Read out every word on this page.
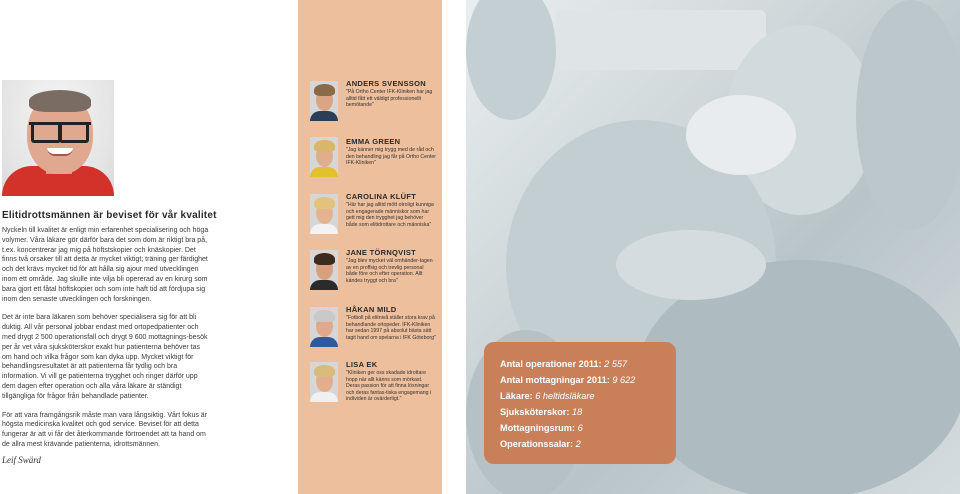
Elitidrottsmännen är beviset för vår kvalitet

Nyckeln till kvalitet är enligt min erfarenhet specialisering och höga volymer. Våra läkare gör därför bara det som dom är riktigt bra på, t.ex. koncentrerar jag mig på höftstskopier och knäskopier. Det finns två orsaker till att detta är mycket viktigt; träning ger färdighet och det krävs mycket tid för att hålla sig ajour med utvecklingen inom ett område. Jag skulle inte vilja bli opererad av en kirurg som bara gjort ett fåtal höftskopier och som inte haft tid att fördjupa sig inom den senaste utvecklingen och forskningen.

Det är inte bara läkaren som behöver specialisera sig för att bli duktig. All vår personal jobbar endast med ortopedpatienter och med drygt 2 500 operationsfall och drygt 9 600 mottagnings-besök per år vet våra sjuksköterskor exakt hur patienterna behöver tas om hand och vilka frågor som kan dyka upp. Mycket viktigt för behandlingsresultatet är att patienterna får tydlig och bra information. Vi vill ge patienterna trygghet och ringer därför upp dem dagen efter operation och alla våra läkare är ständigt tillgängliga för frågor från behandlade patienter.

För att vara framgångsrik måste man vara långsiktig. Vårt fokus är högsta medicinska kvalitet och god service. Beviset för att detta fungerar är att vi får det återkommande förtroendet att ta hand om de allra mest krävande patienterna, idrottsmännen.

Leif Swärd
ANDERS SVENSSON
"På Ortho Center IFK-Kliniken har jag alltid fått ett väldigt professionellt bemötande"
EMMA GREEN
"Jag känner mig trygg med de råd och den behandling jag får på Ortho Center IFK-Kliniken"
CAROLINA KLÜFT
"Här har jag alltid mött otroligt kunniga och engagerade människor som har gett mig den trygghet jag behöver både som elitidrottare och människa"
JANE TÖRNQVIST
"Jag blev mycket väl omhänder-tagen av en proffsig och trevlig personal både före och efter operation. Allt kändes tryggt och bra"
HÅKAN MILD
"Fotboll på elitnivå ställer stora krav på behandlande ortopeder. IFK-Kliniken har sedan 1997 på absolut bästa sätt tagit hand om spelarna i IFK Göteborg"
LISA EK
"Kliniken ger oss skadade idrottare hopp när allt känns som mörkast. Deras passion för att finna lösningar och deras fantas-tiska engagemang i individen är ovärderligt."
Antal operationer 2011: 2 557
Antal mottagningar 2011: 9 622
Läkare: 6 heltidsläkare
Sjuksköterskor: 18
Mottagningsrum: 6
Operationssalar: 2
